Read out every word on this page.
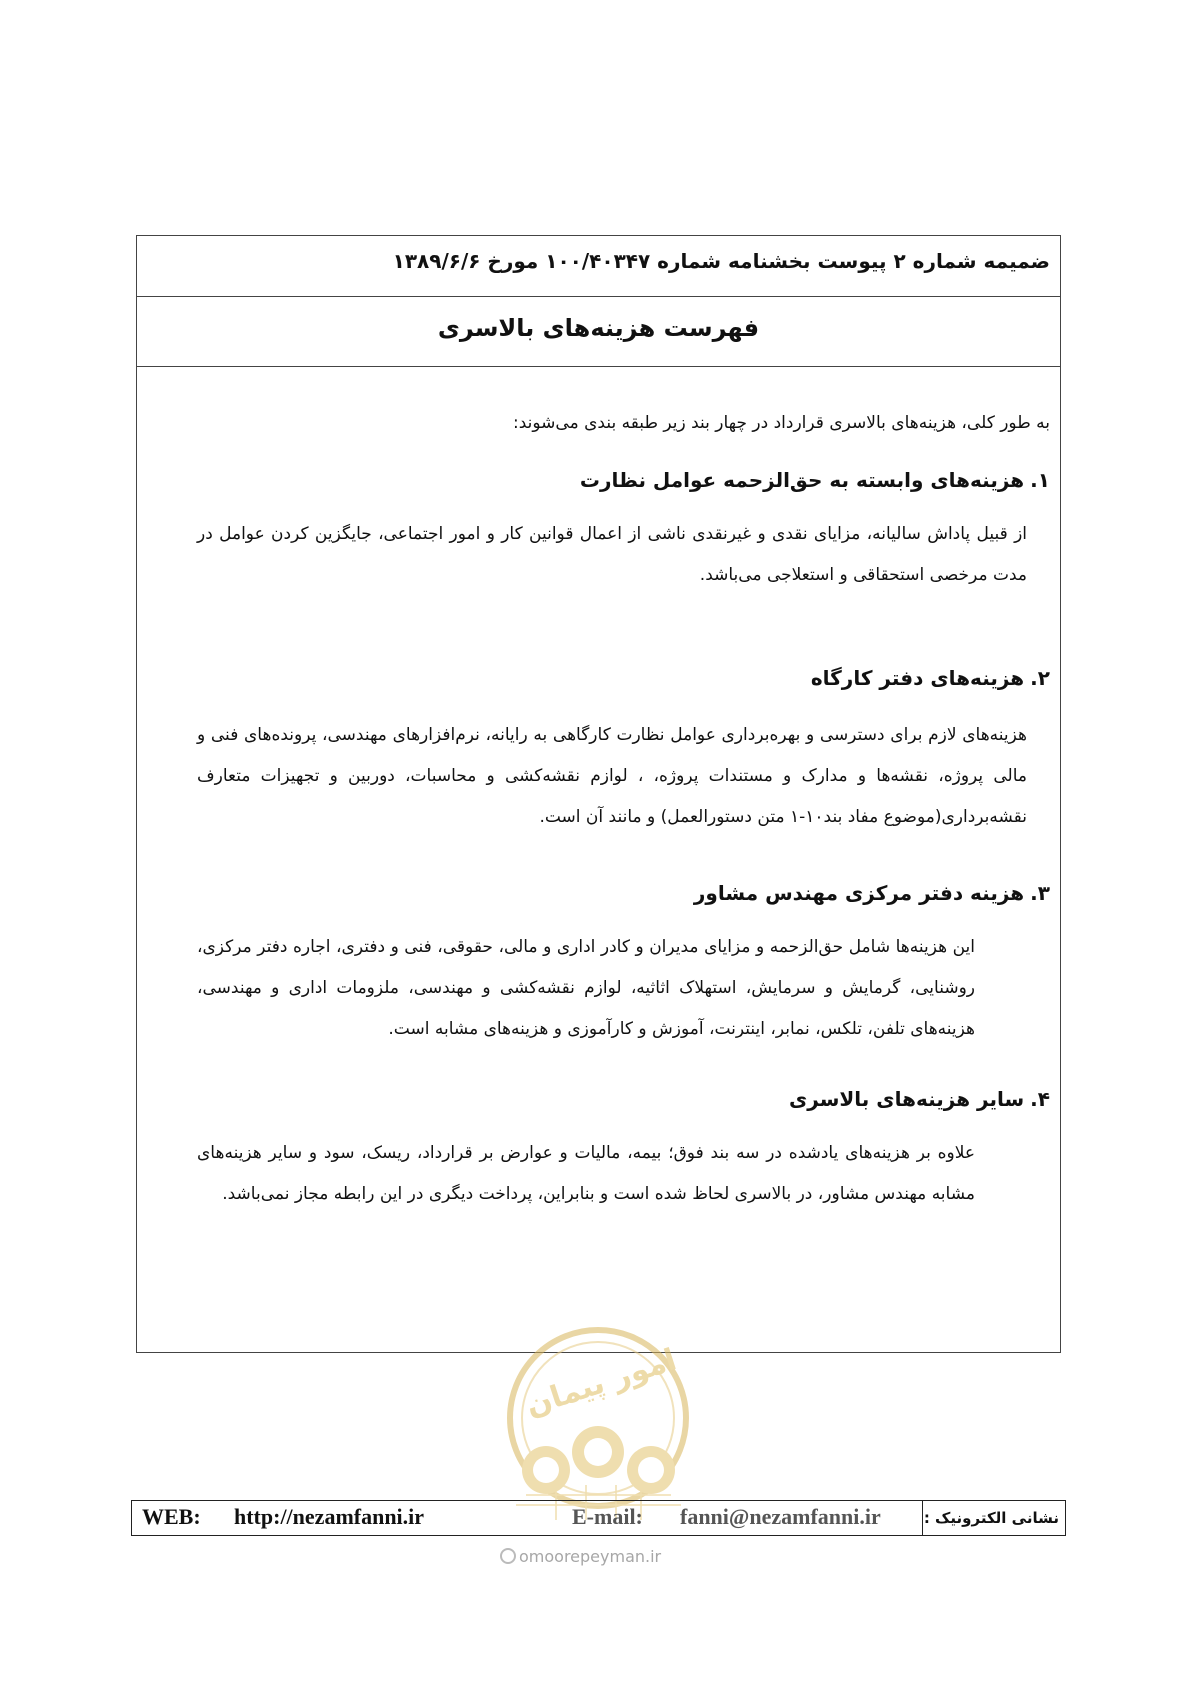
ضمیمه شماره ۲ پیوست بخشنامه شماره ۱۰۰/۴۰۳۴۷ مورخ ۱۳۸۹/۶/۶
فهرست هزینه‌های بالاسری
به طور کلی، هزینه‌های بالاسری قرارداد در چهار بند زیر طبقه بندی می‌شوند:
۱.هزینه‌های وابسته به حق‌الزحمه عوامل نظارت
از قبیل پاداش سالیانه، مزایای نقدی و غیرنقدی ناشی از اعمال قوانین کار و امور اجتماعی، جایگزین کردن عوامل در مدت مرخصی استحقاقی و استعلاجی می‌باشد.
۲.هزینه‌های دفتر کارگاه
هزینه‌های لازم برای دسترسی و بهره‌برداری عوامل نظارت کارگاهی به رایانه، نرم‌افزارهای مهندسی، پرونده‌های فنی و مالی پروژه، نقشه‌ها و مدارک و مستندات پروژه، ، لوازم نقشه‌کشی و محاسبات، دوربین و تجهیزات متعارف نقشه‌برداری(موضوع مفاد بند۱۰-۱ متن دستورالعمل) و مانند آن است.
۳.هزینه دفتر مرکزی مهندس مشاور
این هزینه‌ها شامل حق‌الزحمه و مزایای مدیران و کادر اداری و مالی، حقوقی، فنی و دفتری، اجاره دفتر مرکزی، روشنایی، گرمایش و سرمایش، استهلاک اثاثیه، لوازم نقشه‌کشی و مهندسی، ملزومات اداری و مهندسی، هزینه‌های تلفن، تلکس، نمابر، اینترنت، آموزش و کارآموزی و هزینه‌های مشابه است.
۴.سایر هزینه‌های بالاسری
علاوه بر هزینه‌های یادشده در سه بند فوق؛ بیمه، مالیات و عوارض بر قرارداد، ریسک، سود و سایر هزینه‌های مشابه مهندس مشاور، در بالاسری لحاظ شده است و بنابراین، پرداخت دیگری در این رابطه مجاز نمی‌باشد.
امور پیمان
WEB: http://nezamfanni.ir	E-mail: fanni@nezamfanni.ir	نشانی الکترونیک :
omoorepeyman.ir
